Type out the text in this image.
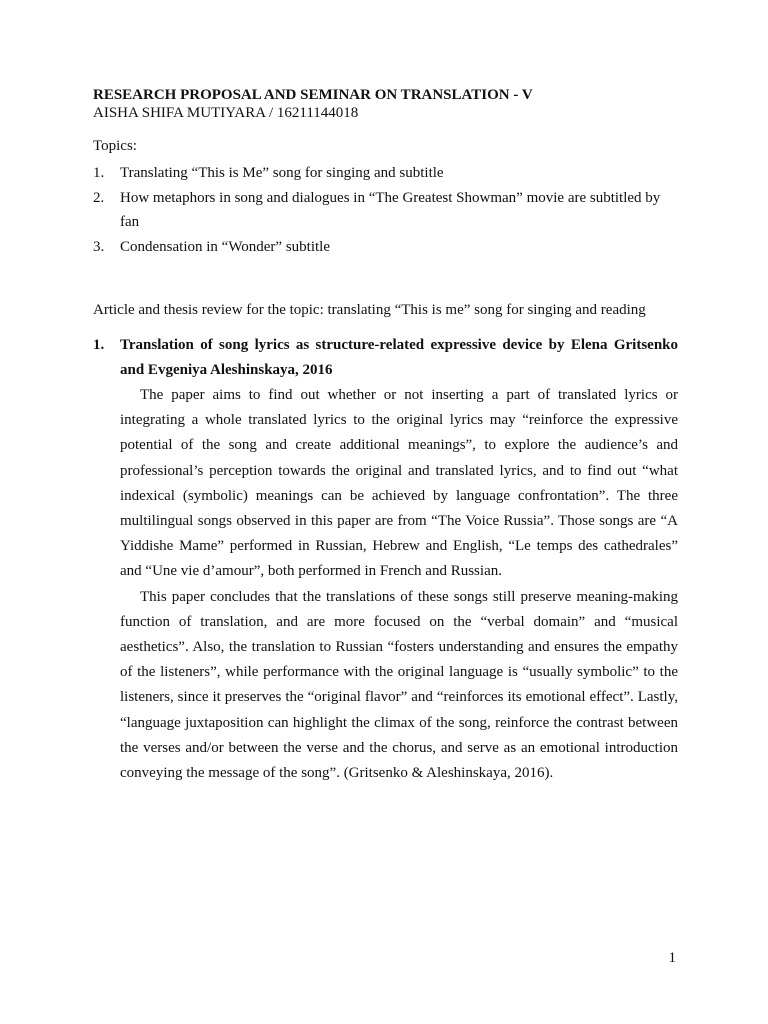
RESEARCH PROPOSAL AND SEMINAR ON TRANSLATION - V
AISHA SHIFA MUTIYARA / 16211144018
Topics:
1. Translating “This is Me” song for singing and subtitle
2. How metaphors in song and dialogues in “The Greatest Showman” movie are subtitled by fan
3. Condensation in “Wonder” subtitle
Article and thesis review for the topic: translating “This is me” song for singing and reading
1. Translation of song lyrics as structure-related expressive device by Elena Gritsenko and Evgeniya Aleshinskaya, 2016

The paper aims to find out whether or not inserting a part of translated lyrics or integrating a whole translated lyrics to the original lyrics may “reinforce the expressive potential of the song and create additional meanings”, to explore the audience’s and professional’s perception towards the original and translated lyrics, and to find out “what indexical (symbolic) meanings can be achieved by language confrontation”. The three multilingual songs observed in this paper are from “The Voice Russia”. Those songs are “A Yiddishe Mame” performed in Russian, Hebrew and English, “Le temps des cathedrales” and “Une vie d’amour”, both performed in French and Russian.

This paper concludes that the translations of these songs still preserve meaning-making function of translation, and are more focused on the “verbal domain” and “musical aesthetics”. Also, the translation to Russian “fosters understanding and ensures the empathy of the listeners”, while performance with the original language is “usually symbolic” to the listeners, since it preserves the “original flavor” and “reinforces its emotional effect”. Lastly, “language juxtaposition can highlight the climax of the song, reinforce the contrast between the verses and/or between the verse and the chorus, and serve as an emotional introduction conveying the message of the song”. (Gritsenko & Aleshinskaya, 2016).

1
